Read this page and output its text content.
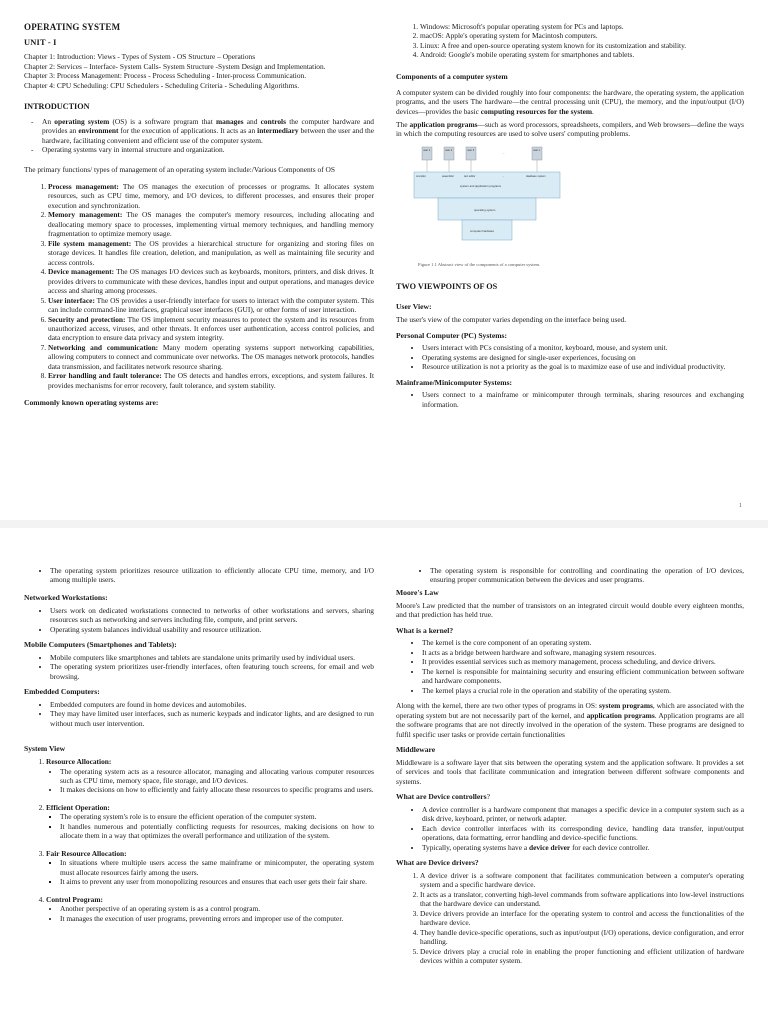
OPERATING SYSTEM
UNIT - I
Chapter 1: Introduction: Views - Types of System - OS Structure – Operations
Chapter 2: Services – Interface- System Calls- System Structure -System Design and Implementation.
Chapter 3: Process Management: Process - Process Scheduling - Inter-process Communication.
Chapter 4: CPU Scheduling: CPU Schedulers - Scheduling Criteria - Scheduling Algorithms.
INTRODUCTION
- An operating system (OS) is a software program that manages and controls the computer hardware and provides an environment for the execution of applications. It acts as an intermediary between the user and the hardware, facilitating convenient and efficient use of the computer system.
- Operating systems vary in internal structure and organization.

The primary functions/ types of management of an operating system include:/Various Components of OS

1. Process management: The OS manages the execution of processes or programs. It allocates system resources, such as CPU time, memory, and I/O devices, to different processes, and ensures their proper execution and synchronization.
2. Memory management: The OS manages the computer's memory resources, including allocating and deallocating memory space to processes, implementing virtual memory techniques, and handling memory fragmentation to optimize memory usage.
3. File system management: The OS provides a hierarchical structure for organizing and storing files on storage devices. It handles file creation, deletion, and manipulation, as well as maintaining file security and access controls.
4. Device management: The OS manages I/O devices such as keyboards, monitors, printers, and disk drives. It provides drivers to communicate with these devices, handles input and output operations, and manages device access and sharing among processes.
5. User interface: The OS provides a user-friendly interface for users to interact with the computer system. This can include command-line interfaces, graphical user interfaces (GUI), or other forms of user interaction.
6. Security and protection: The OS implement security measures to protect the system and its resources from unauthorized access, viruses, and other threats. It enforces user authentication, access control policies, and data encryption to ensure data privacy and system integrity.
7. Networking and communication: Many modern operating systems support networking capabilities, allowing computers to connect and communicate over networks. The OS manages network protocols, handles data transmission, and facilitates network resource sharing.
8. Error handling and fault tolerance: The OS detects and handles errors, exceptions, and system failures. It provides mechanisms for error recovery, fault tolerance, and system stability.
Commonly known operating systems are:
1. Windows: Microsoft's popular operating system for PCs and laptops.
2. macOS: Apple's operating system for Macintosh computers.
3. Linux: A free and open-source operating system known for its customization and stability.
4. Android: Google's mobile operating system for smartphones and tablets.
Components of a computer system

A computer system can be divided roughly into four components: the hardware, the operating system, the application programs, and the users The hardware—the central processing unit (CPU), the memory, and the input/output (I/O) devices—provides the basic computing resources for the system.

The application programs—such as word processors, spreadsheets, compilers, and Web browsers—define the ways in which the computing resources are used to solve users' computing problems.

user 1	user 2	user 3
...
user n
compiler	assembler	text editor	...	database system
system and application programs
operating system
computer hardware
Figure 1.1 Abstract view of the components of a computer system.
TWO VIEWPOINTS OF OS
User View:

The user's view of the computer varies depending on the interface being used.

Personal Computer (PC) Systems:
• Users interact with PCs consisting of a monitor, keyboard, mouse, and system unit.
• Operating systems are designed for single-user experiences, focusing on
• Resource utilization is not a priority as the goal is to maximize ease of use and individual productivity.
Mainframe/Minicomputer Systems:
• Users connect to a mainframe or minicomputer through terminals, sharing resources and exchanging information.
1
• The operating system prioritizes resource utilization to efficiently allocate CPU time, memory, and I/O among multiple users.
Networked Workstations:
• Users work on dedicated workstations connected to networks of other workstations and servers, sharing resources such as networking and servers including file, compute, and print servers.
• Operating system balances individual usability and resource utilization.
Mobile Computers (Smartphones and Tablets):
• Mobile computers like smartphones and tablets are standalone units primarily used by individual users.
• The operating system prioritizes user-friendly interfaces, often featuring touch screens, for email and web browsing.
Embedded Computers:
• Embedded computers are found in home devices and automobiles.
• They may have limited user interfaces, such as numeric keypads and indicator lights, and are designed to run without much user intervention.
System View
1. Resource Allocation:
• The operating system acts as a resource allocator, managing and allocating various computer resources such as CPU time, memory space, file storage, and I/O devices.
• It makes decisions on how to efficiently and fairly allocate these resources to specific programs and users.
2. Efficient Operation:
▪ The operating system's role is to ensure the efficient operation of the computer system.
▪ It handles numerous and potentially conflicting requests for resources, making decisions on how to allocate them in a way that optimizes the overall performance and utilization of the system.
3. Fair Resource Allocation:
▪ In situations where multiple users access the same mainframe or minicomputer, the operating system must allocate resources fairly among the users.
▪ It aims to prevent any user from monopolizing resources and ensures that each user gets their fair share.
4. Control Program:
• Another perspective of an operating system is as a control program.
• It manages the execution of user programs, preventing errors and improper use of the computer.
• The operating system is responsible for controlling and coordinating the operation of I/O devices, ensuring proper communication between the devices and user programs.
Moore's Law

Moore's Law predicted that the number of transistors on an integrated circuit would double every eighteen months, and that prediction has held true.

What is a kernel?
• The kernel is the core component of an operating system.
• It acts as a bridge between hardware and software, managing system resources.
• It provides essential services such as memory management, process scheduling, and device drivers.
• The kernel is responsible for maintaining security and ensuring efficient communication between software and hardware components.
• The kernel plays a crucial role in the operation and stability of the operating system.

Along with the kernel, there are two other types of programs in OS: system programs, which are associated with the operating system but are not necessarily part of the kernel, and application programs. Application programs are all the software programs that are not directly involved in the operation of the system. These programs are designed to fulfil specific user tasks or provide certain functionalities

Middleware

Middleware is a software layer that sits between the operating system and the application software. It provides a set of services and tools that facilitate communication and integration between different software components and systems.

What are Device controllers?
• A device controller is a hardware component that manages a specific device in a computer system such as a disk drive, keyboard, printer, or network adapter.
• Each device controller interfaces with its corresponding device, handling data transfer, input/output operations, data formatting, error handling and device-specific functions.
• Typically, operating systems have a device driver for each device controller.
What are Device drivers?
1. A device driver is a software component that facilitates communication between a computer's operating system and a specific hardware device.
2. It acts as a translator, converting high-level commands from software applications into low-level instructions that the hardware device can understand.
3. Device drivers provide an interface for the operating system to control and access the functionalities of the hardware device.
4. They handle device-specific operations, such as input/output (I/O) operations, device configuration, and error handling.
5. Device drivers play a crucial role in enabling the proper functioning and efficient utilization of hardware devices within a computer system.
